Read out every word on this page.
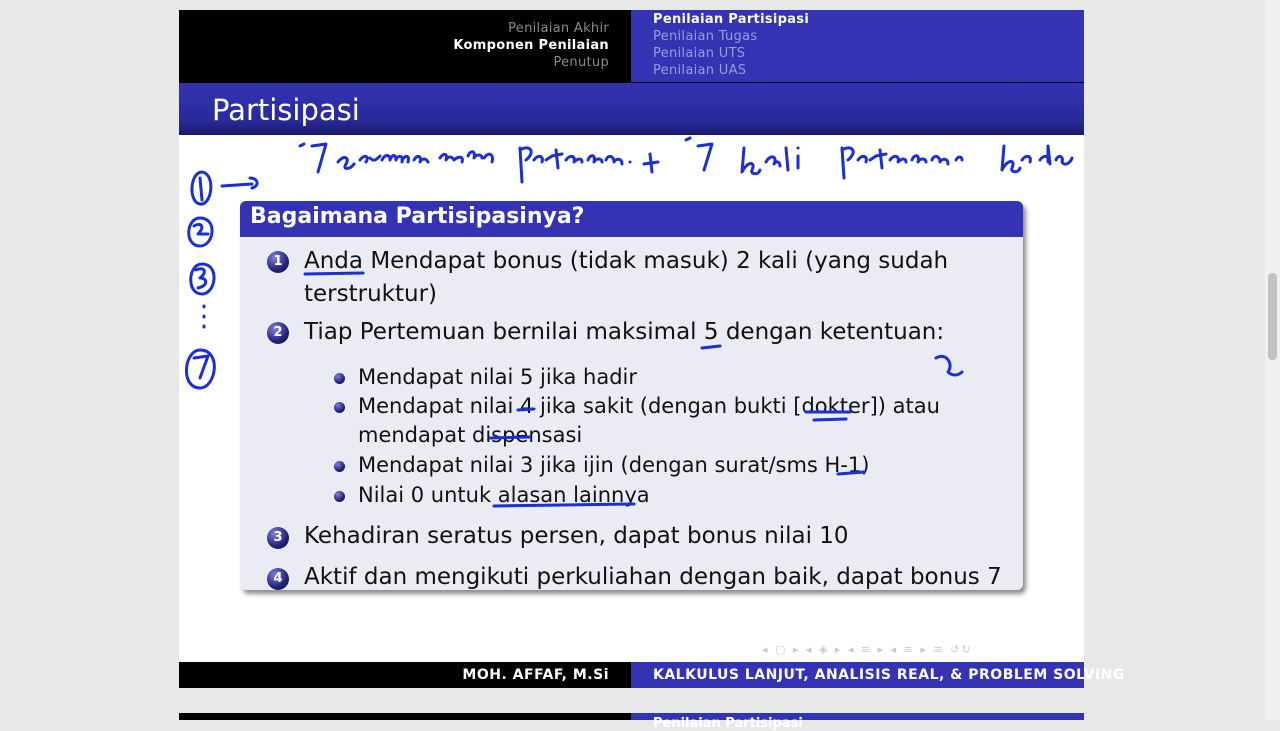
Penilaian Akhir
Komponen Penilaian
Penutup
Penilaian Partisipasi
Penilaian Tugas
Penilaian UTS
Penilaian UAS
Partisipasi
Bagaimana Partisipasinya?
1 Anda Mendapat bonus (tidak masuk) 2 kali (yang sudah
terstruktur)
2 Tiap Pertemuan bernilai maksimal 5 dengan ketentuan:
Mendapat nilai 5 jika hadir
Mendapat nilai 4 jika sakit (dengan bukti [dokter]) atau
mendapat dispensasi
Mendapat nilai 3 jika ijin (dengan surat/sms H-1)
Nilai 0 untuk alasan lainnya
3 Kehadiran seratus persen, dapat bonus nilai 10
4 Aktif dan mengikuti perkuliahan dengan baik, dapat bonus 7
◂ ▢ ▸ ◂ ◈ ▸ ◂ ≡ ▸ ◂ ≡ ▸ ≡ ↺↻
MOH. AFFAF, M.Si	KALKULUS LANJUT, ANALISIS REAL, & PROBLEM SOLVING
Penilaian Partisipasi
